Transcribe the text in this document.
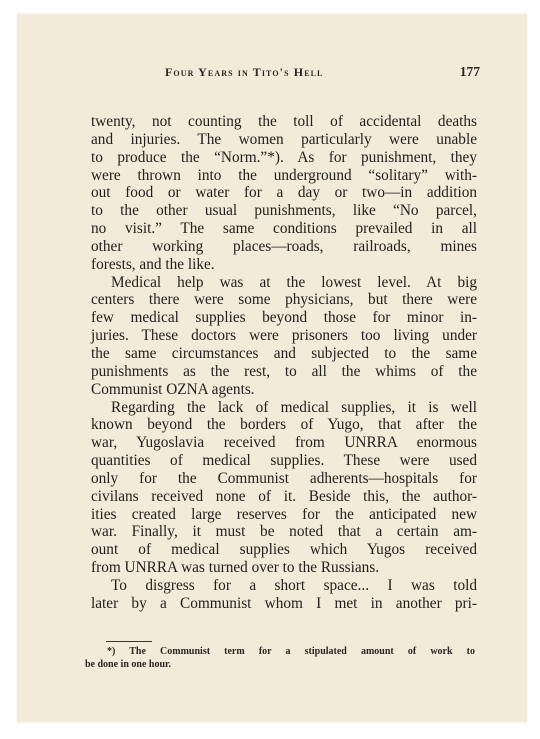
Four Years in Tito's Hell	177
twenty, not counting the toll of accidental deaths
and injuries. The women particularly were unable
to produce the “Norm.”*). As for punishment, they
were thrown into the underground “solitary” with-
out food or water for a day or two—in addition
to the other usual punishments, like “No parcel,
no visit.” The same conditions prevailed in all
other working places—roads, railroads, mines
forests, and the like.
Medical help was at the lowest level. At big
centers there were some physicians, but there were
few medical supplies beyond those for minor in-
juries. These doctors were prisoners too living under
the same circumstances and subjected to the same
punishments as the rest, to all the whims of the
Communist OZNA agents.
Regarding the lack of medical supplies, it is well
known beyond the borders of Yugo, that after the
war, Yugoslavia received from UNRRA enormous
quantities of medical supplies. These were used
only for the Communist adherents—hospitals for
civilans received none of it. Beside this, the author-
ities created large reserves for the anticipated new
war. Finally, it must be noted that a certain am-
ount of medical supplies which Yugos received
from UNRRA was turned over to the Russians.
To disgress for a short space... I was told
later by a Communist whom I met in another pri-
*) The Communist term for a stipulated amount of work to
be done in one hour.
